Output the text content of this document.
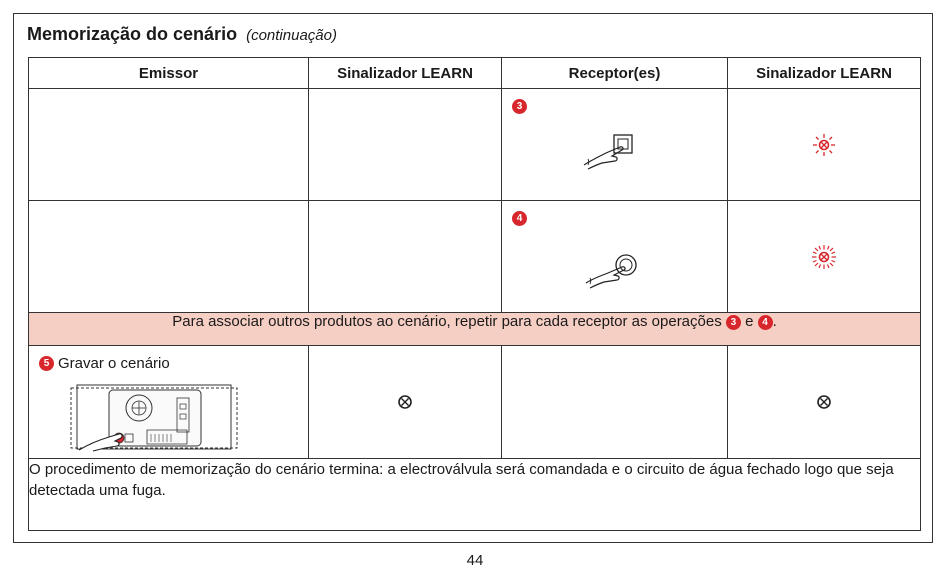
Memorização do cenário (continuação)
Emissor	Sinalizador LEARN	Receptor(es)	Sinalizador LEARN

		3

		4

Para associar outros produtos ao cenário, repetir para cada receptor as operações 3 e 4 .			

5 Gravar o cenário

O procedimento de memorização do cenário termina: a electroválvula será comandada e o circuito de água fechado logo que seja detectada uma fuga.			
44
